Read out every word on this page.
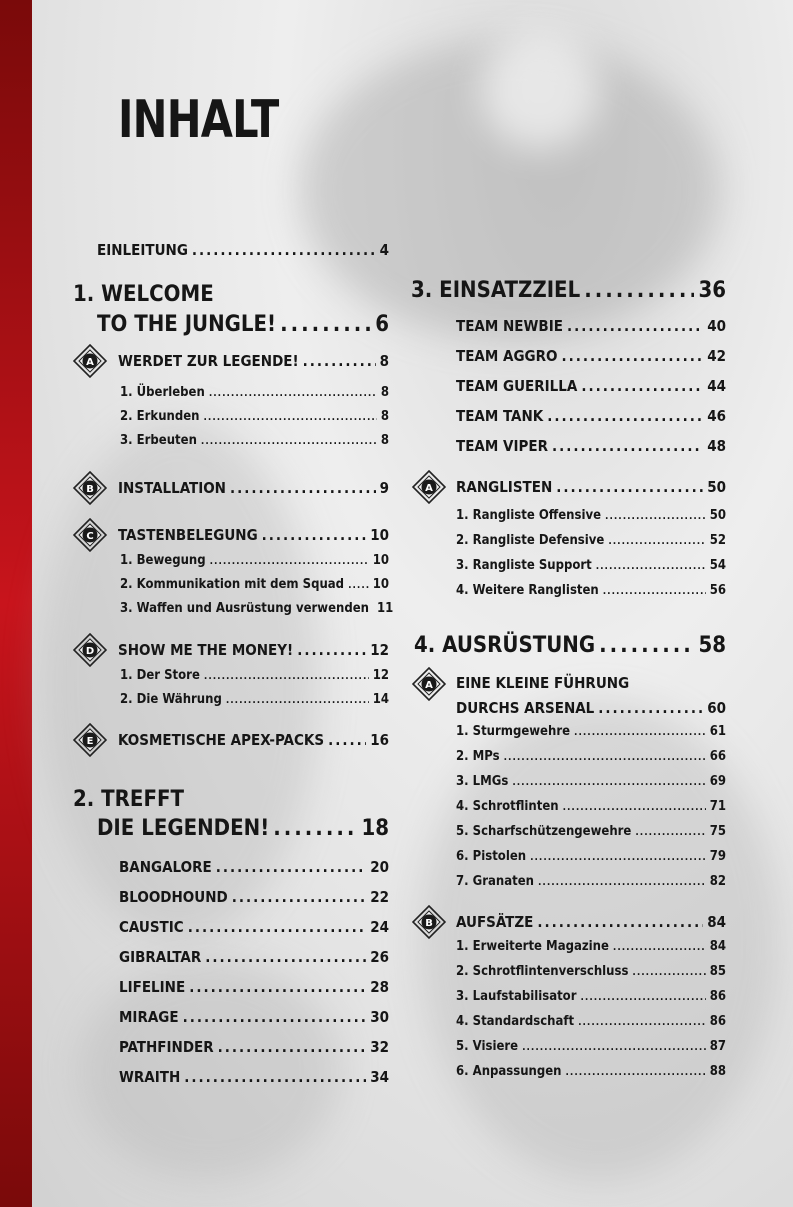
INHALT
EINLEITUNG .....	4
1. WELCOME
TO THE JUNGLE! .....	6
A WERDET ZUR LEGENDE! .....	8
1. Überleben .....	8
2. Erkunden .....	8
3. Erbeuten .....	8
B INSTALLATION .....	9
C TASTENBELEGUNG .....	10
1. Bewegung .....	10
2. Kommunikation mit dem Squad ..... 10
3. Waffen und Ausrüstung verwenden 11
D SHOW ME THE MONEY! .....	12
1. Der Store .....	12
2. Die Währung .....	14
E KOSMETISCHE APEX-PACKS .....	16
2. TREFFT
DIE LEGENDEN! .....	18
BANGALORE .....	20
BLOODHOUND .....	22
CAUSTIC .....	24
GIBRALTAR .....	26
LIFELINE .....	28
MIRAGE .....	30
PATHFINDER .....	32
WRAITH .....	34
3. EINSATZZIEL .....	36
TEAM NEWBIE .....	40
TEAM AGGRO .....	42
TEAM GUERILLA .....	44
TEAM TANK .....	46
TEAM VIPER .....	48
A RANGLISTEN .....	50
1. Rangliste Offensive .....	50
2. Rangliste Defensive .....	52
3. Rangliste Support .....	54
4. Weitere Ranglisten .....	56
4. AUSRÜSTUNG .....	58
A EINE KLEINE FÜHRUNG
DURCHS ARSENAL .....	60
1. Sturmgewehre .....	61
2. MPs .....	66
3. LMGs .....	69
4. Schrotflinten .....	71
5. Scharfschützengewehre .....	75
6. Pistolen .....	79
7. Granaten .....	82
B AUFSÄTZE .....	84
1. Erweiterte Magazine .....	84
2. Schrotflintenverschluss .....	85
3. Laufstabilisator .....	86
4. Standardschaft .....	86
5. Visiere .....	87
6. Anpassungen .....	88
